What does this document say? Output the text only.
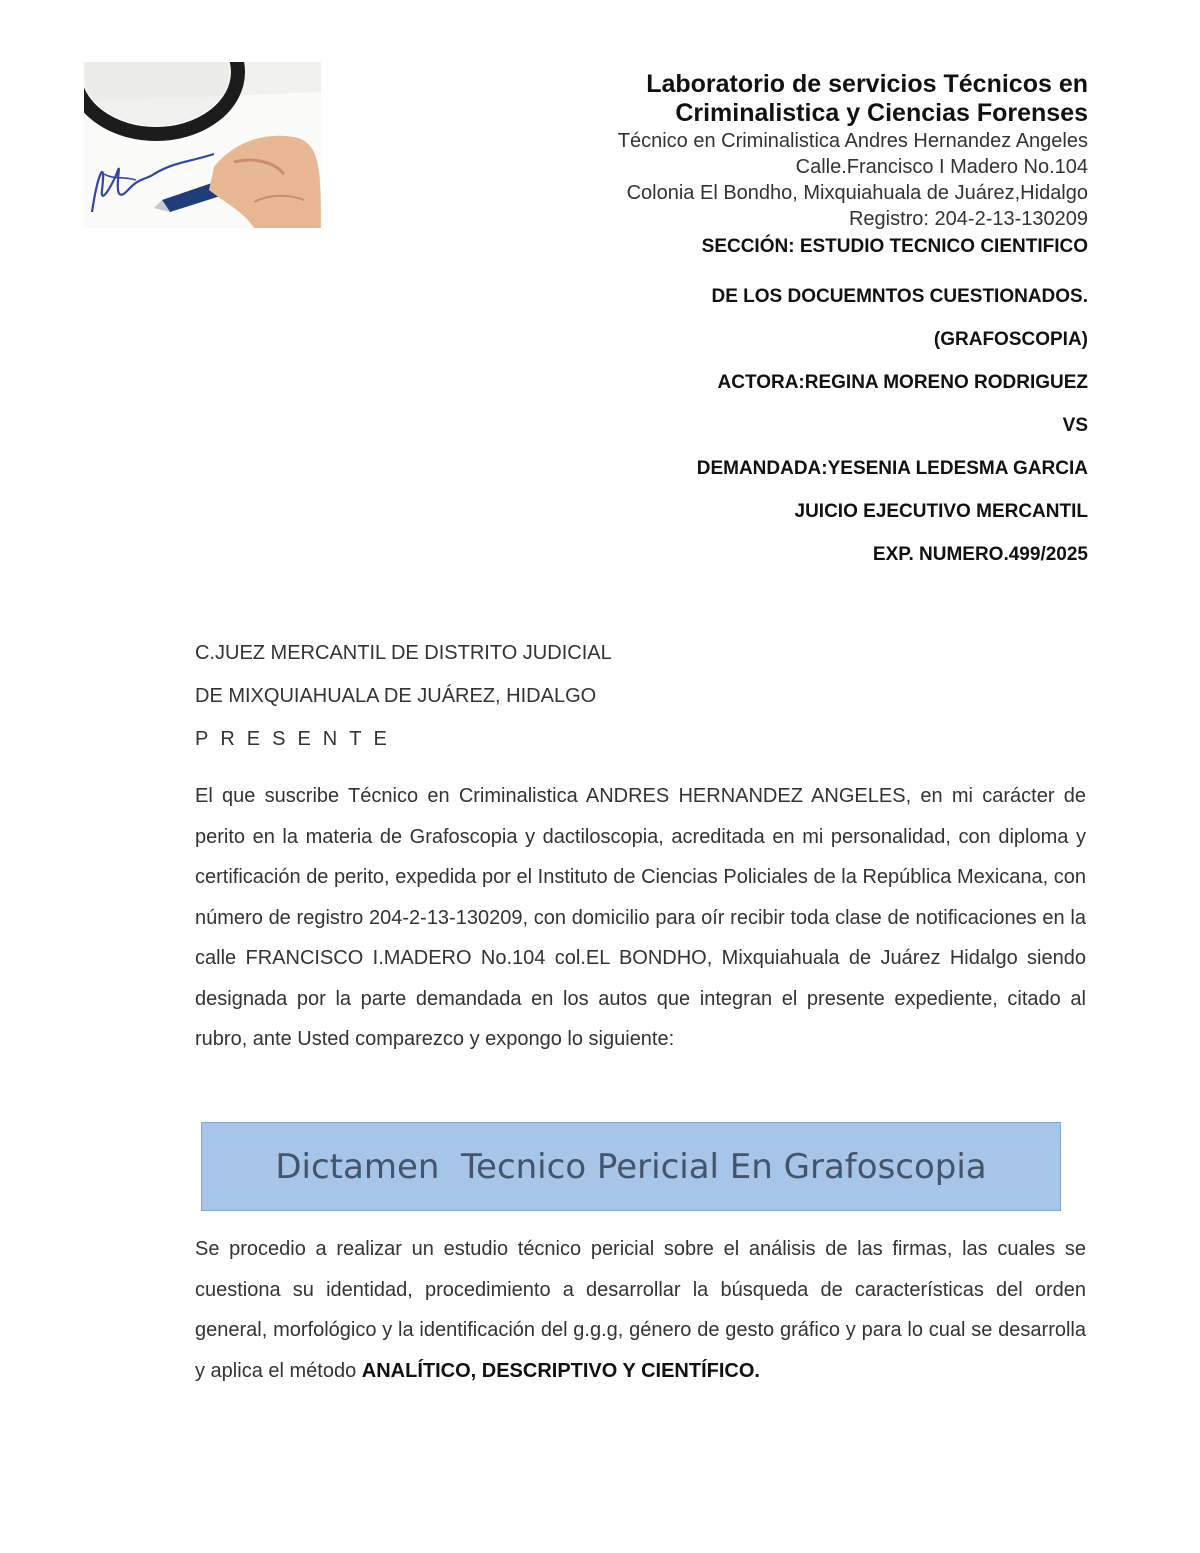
Laboratorio de servicios Técnicos en
Criminalistica y Ciencias Forenses
Técnico en Criminalistica Andres Hernandez Angeles
Calle.Francisco I Madero No.104
Colonia El Bondho, Mixquiahuala de Juárez,Hidalgo
Registro: 204-2-13-130209
SECCIÓN: ESTUDIO TECNICO CIENTIFICO
DE LOS DOCUEMNTOS CUESTIONADOS.
(GRAFOSCOPIA)
ACTORA:REGINA MORENO RODRIGUEZ
VS
DEMANDADA:YESENIA LEDESMA GARCIA
JUICIO EJECUTIVO MERCANTIL
EXP. NUMERO.499/2025
C.JUEZ MERCANTIL DE DISTRITO JUDICIAL
DE MIXQUIAHUALA DE JUÁREZ, HIDALGO
PRESENTE

El que suscribe Técnico en Criminalistica ANDRES HERNANDEZ ANGELES, en mi carácter de perito en la materia de Grafoscopia y dactiloscopia, acreditada en mi personalidad, con diploma y certificación de perito, expedida por el Instituto de Ciencias Policiales de la República Mexicana, con número de registro 204-2-13-130209, con domicilio para oír recibir toda clase de notificaciones en la calle FRANCISCO I.MADERO No.104 col.EL BONDHO, Mixquiahuala de Juárez Hidalgo siendo designada por la parte demandada en los autos que integran el presente expediente, citado al rubro, ante Usted comparezco y expongo lo siguiente:

Dictamen  Tecnico Pericial En Grafoscopia

Se procedio a realizar un estudio técnico pericial sobre el análisis de las firmas, las cuales se cuestiona su identidad, procedimiento a desarrollar la búsqueda de características del orden general, morfológico y la identificación del g.g.g, género de gesto gráfico y para lo cual se desarrolla y aplica el método ANALÍTICO, DESCRIPTIVO Y CIENTÍFICO.
